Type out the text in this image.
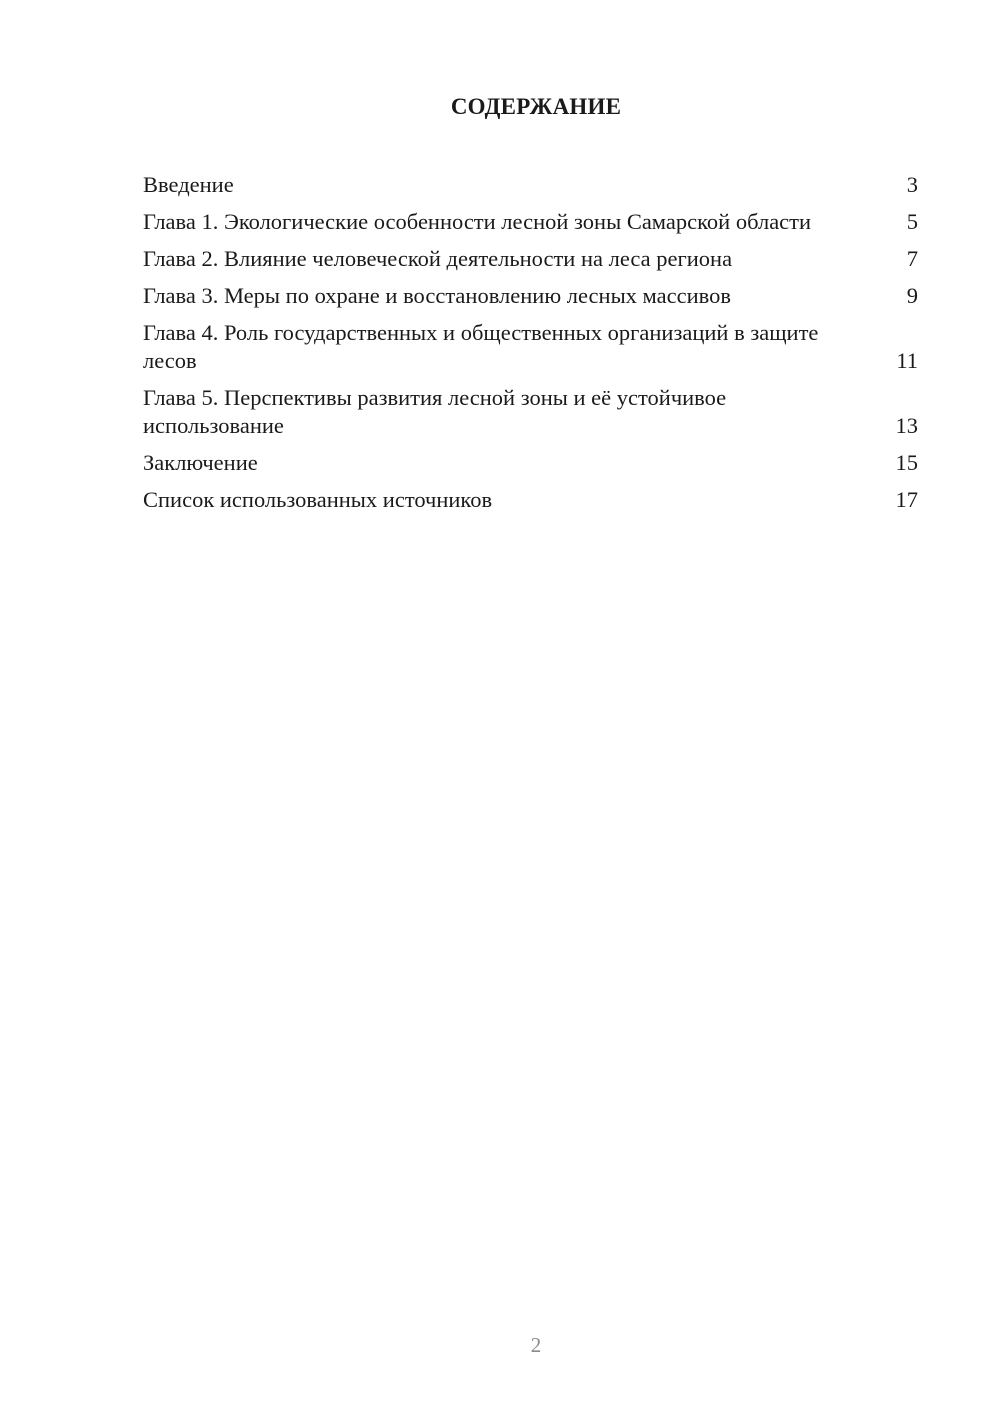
СОДЕРЖАНИЕ
Введение	3
Глава 1. Экологические особенности лесной зоны Самарской области	5
Глава 2. Влияние человеческой деятельности на леса региона	7
Глава 3. Меры по охране и восстановлению лесных массивов	9
Глава 4. Роль государственных и общественных организаций в защите лесов	11
Глава 5. Перспективы развития лесной зоны и её устойчивое использование	13
Заключение	15
Список использованных источников	17
2
